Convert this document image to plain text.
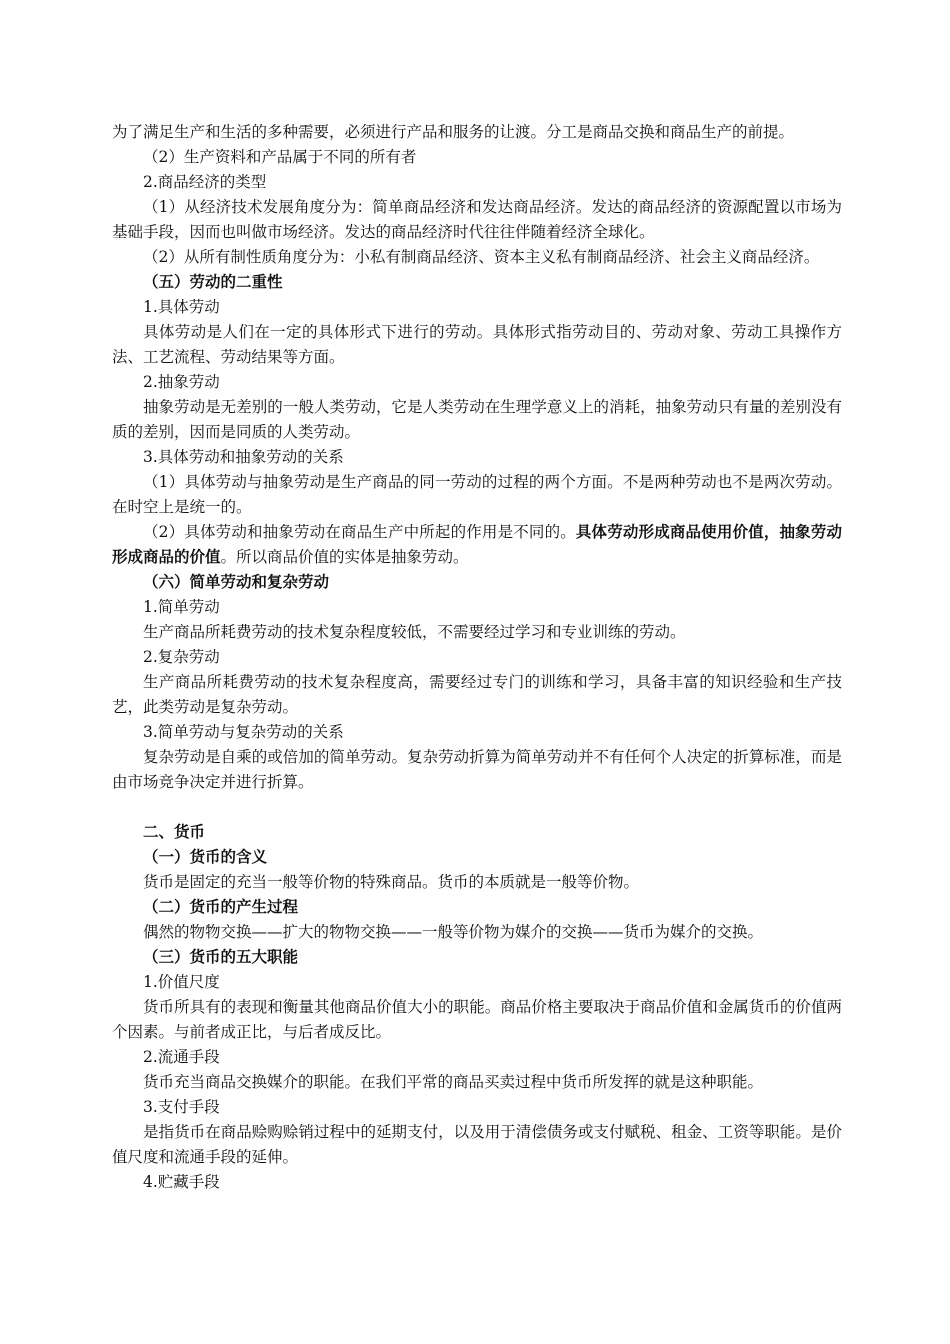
为了满足生产和生活的多种需要，必须进行产品和服务的让渡。分工是商品交换和商品生产的前提。

（2）生产资料和产品属于不同的所有者

2.商品经济的类型

（1）从经济技术发展角度分为：简单商品经济和发达商品经济。发达的商品经济的资源配置以市场为基础手段，因而也叫做市场经济。发达的商品经济时代往往伴随着经济全球化。

（2）从所有制性质角度分为：小私有制商品经济、资本主义私有制商品经济、社会主义商品经济。

（五）劳动的二重性

1.具体劳动

具体劳动是人们在一定的具体形式下进行的劳动。具体形式指劳动目的、劳动对象、劳动工具操作方法、工艺流程、劳动结果等方面。

2.抽象劳动

抽象劳动是无差别的一般人类劳动，它是人类劳动在生理学意义上的消耗，抽象劳动只有量的差别没有质的差别，因而是同质的人类劳动。

3.具体劳动和抽象劳动的关系

（1）具体劳动与抽象劳动是生产商品的同一劳动的过程的两个方面。不是两种劳动也不是两次劳动。在时空上是统一的。

（2）具体劳动和抽象劳动在商品生产中所起的作用是不同的。具体劳动形成商品使用价值，抽象劳动形成商品的价值。所以商品价值的实体是抽象劳动。

（六）简单劳动和复杂劳动

1.简单劳动

生产商品所耗费劳动的技术复杂程度较低，不需要经过学习和专业训练的劳动。

2.复杂劳动

生产商品所耗费劳动的技术复杂程度高，需要经过专门的训练和学习，具备丰富的知识经验和生产技艺，此类劳动是复杂劳动。

3.简单劳动与复杂劳动的关系

复杂劳动是自乘的或倍加的简单劳动。复杂劳动折算为简单劳动并不有任何个人决定的折算标准，而是由市场竞争决定并进行折算。

二、货币

（一）货币的含义

货币是固定的充当一般等价物的特殊商品。货币的本质就是一般等价物。

（二）货币的产生过程

偶然的物物交换——扩大的物物交换——一般等价物为媒介的交换——货币为媒介的交换。

（三）货币的五大职能

1.价值尺度

货币所具有的表现和衡量其他商品价值大小的职能。商品价格主要取决于商品价值和金属货币的价值两个因素。与前者成正比，与后者成反比。

2.流通手段

货币充当商品交换媒介的职能。在我们平常的商品买卖过程中货币所发挥的就是这种职能。

3.支付手段

是指货币在商品赊购赊销过程中的延期支付，以及用于清偿债务或支付赋税、租金、工资等职能。是价值尺度和流通手段的延伸。

4.贮藏手段
